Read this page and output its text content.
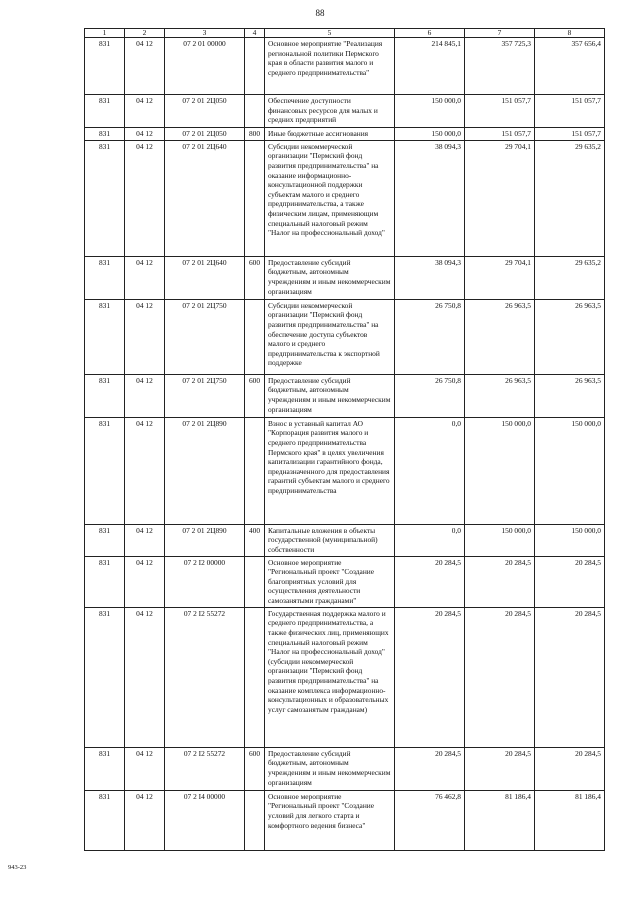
88
1	2	3	4	5	6	7	8
831	04 12	07 2 01 00000		Основное мероприятие "Реализация региональной политики Пермского края в области развития малого и среднего предпринимательства"	214 845,1	357 725,3	357 656,4
831	04 12	07 2 01 2Ц050		Обеспечение доступности финансовых ресурсов для малых и средних предприятий	150 000,0	151 057,7	151 057,7
831	04 12	07 2 01 2Ц050	800	Иные бюджетные ассигнования	150 000,0	151 057,7	151 057,7
831	04 12	07 2 01 2Ц640		Субсидии некоммерческой организации "Пермский фонд развития предпринимательства" на оказание информационно-консультационной поддержки субъектам малого и среднего предпринимательства, а также физическим лицам, применяющим специальный налоговый режим "Налог на профессиональный доход"	38 094,3	29 704,1	29 635,2
831	04 12	07 2 01 2Ц640	600	Предоставление субсидий бюджетным, автономным учреждениям и иным некоммерческим организациям	38 094,3	29 704,1	29 635,2
831	04 12	07 2 01 2Ц750		Субсидии некоммерческой организации "Пермский фонд развития предпринимательства" на обеспечение доступа субъектов малого и среднего предпринимательства к экспортной поддержке	26 750,8	26 963,5	26 963,5
831	04 12	07 2 01 2Ц750	600	Предоставление субсидий бюджетным, автономным учреждениям и иным некоммерческим организациям	26 750,8	26 963,5	26 963,5
831	04 12	07 2 01 2Ц890		Взнос в уставный капитал АО "Корпорация развития малого и среднего предпринимательства Пермского края" в целях увеличения капитализации гарантийного фонда, предназначенного для предоставления гарантий субъектам малого и среднего предпринимательства	0,0	150 000,0	150 000,0
831	04 12	07 2 01 2Ц890	400	Капитальные вложения в объекты государственной (муниципальной) собственности	0,0	150 000,0	150 000,0
831	04 12	07 2 I2 00000		Основное мероприятие "Региональный проект "Создание благоприятных условий для осуществления деятельности самозанятыми гражданами"	20 284,5	20 284,5	20 284,5
831	04 12	07 2 I2 55272		Государственная поддержка малого и среднего предпринимательства, а также физических лиц, применяющих специальный налоговый режим "Налог на профессиональный доход" (субсидии некоммерческой организации "Пермский фонд развития предпринимательства" на оказание комплекса информационно-консультационных и образовательных услуг самозанятым гражданам)	20 284,5	20 284,5	20 284,5
831	04 12	07 2 I2 55272	600	Предоставление субсидий бюджетным, автономным учреждениям и иным некоммерческим организациям	20 284,5	20 284,5	20 284,5
831	04 12	07 2 I4 00000		Основное мероприятие "Региональный проект "Создание условий для легкого старта и комфортного ведения бизнеса"	76 462,8	81 186,4	81 186,4
943-23
